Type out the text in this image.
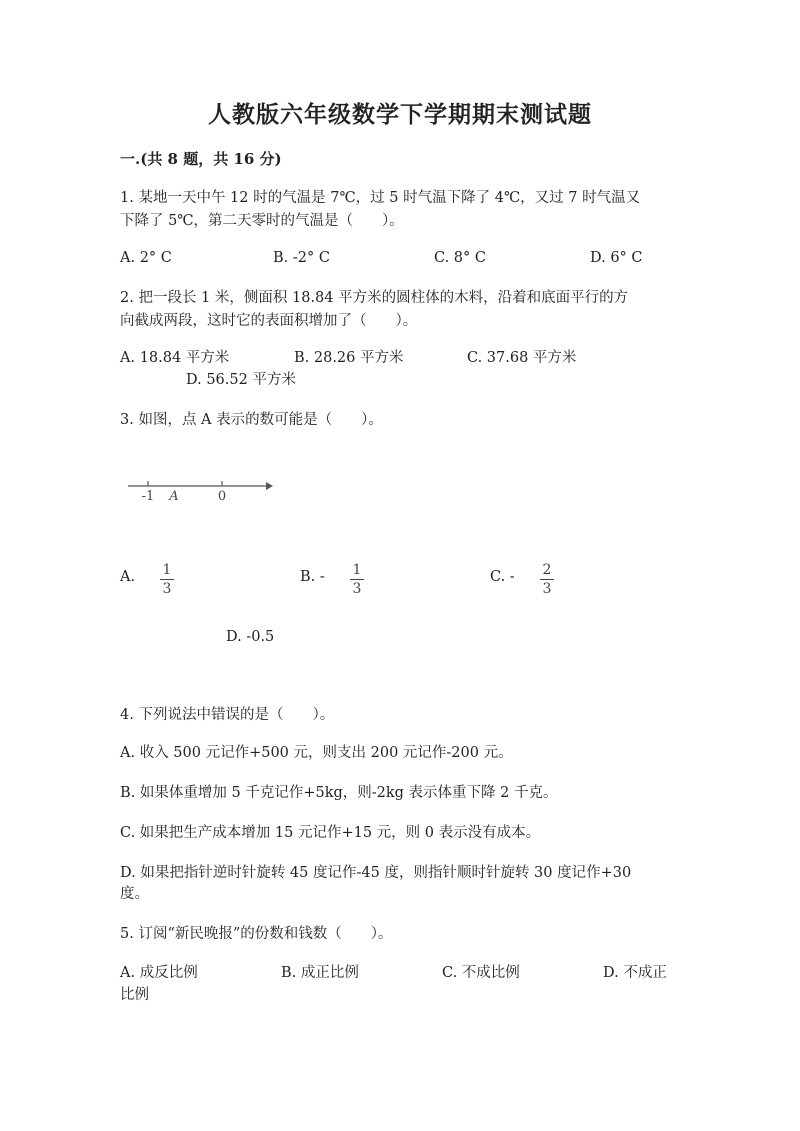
人教版六年级数学下学期期末测试题
一.(共 8 题，共 16 分)
1. 某地一天中午 12 时的气温是 7℃，过 5 时气温下降了 4℃，又过 7 时气温又
下降了 5℃，第二天零时的气温是（　　）。
A. 2° C	B. -2° C	C. 8° C	D. 6° C
2. 把一段长 1 米，侧面积 18.84 平方米的圆柱体的木料，沿着和底面平行的方
向截成两段，这时它的表面积增加了（　　）。
A. 18.84 平方米	B. 28.26 平方米	C. 37.68 平方米
D. 56.52 平方米
3. 如图，点 A 表示的数可能是（　　）。
-1 A	0
A. $\frac{1}{3}$	B. - $\frac{1}{3}$	C. - $\frac{2}{3}$
D. -0.5
4. 下列说法中错误的是（　　）。
A. 收入 500 元记作+500 元，则支出 200 元记作-200 元。
B. 如果体重增加 5 千克记作+5kg，则-2kg 表示体重下降 2 千克。
C. 如果把生产成本增加 15 元记作+15 元，则 0 表示没有成本。
D. 如果把指针逆时针旋转 45 度记作-45 度，则指针顺时针旋转 30 度记作+30
度。
5. 订阅“新民晚报”的份数和钱数（　　）。
A. 成反比例	B. 成正比例	C. 不成比例	D. 不成正
比例
